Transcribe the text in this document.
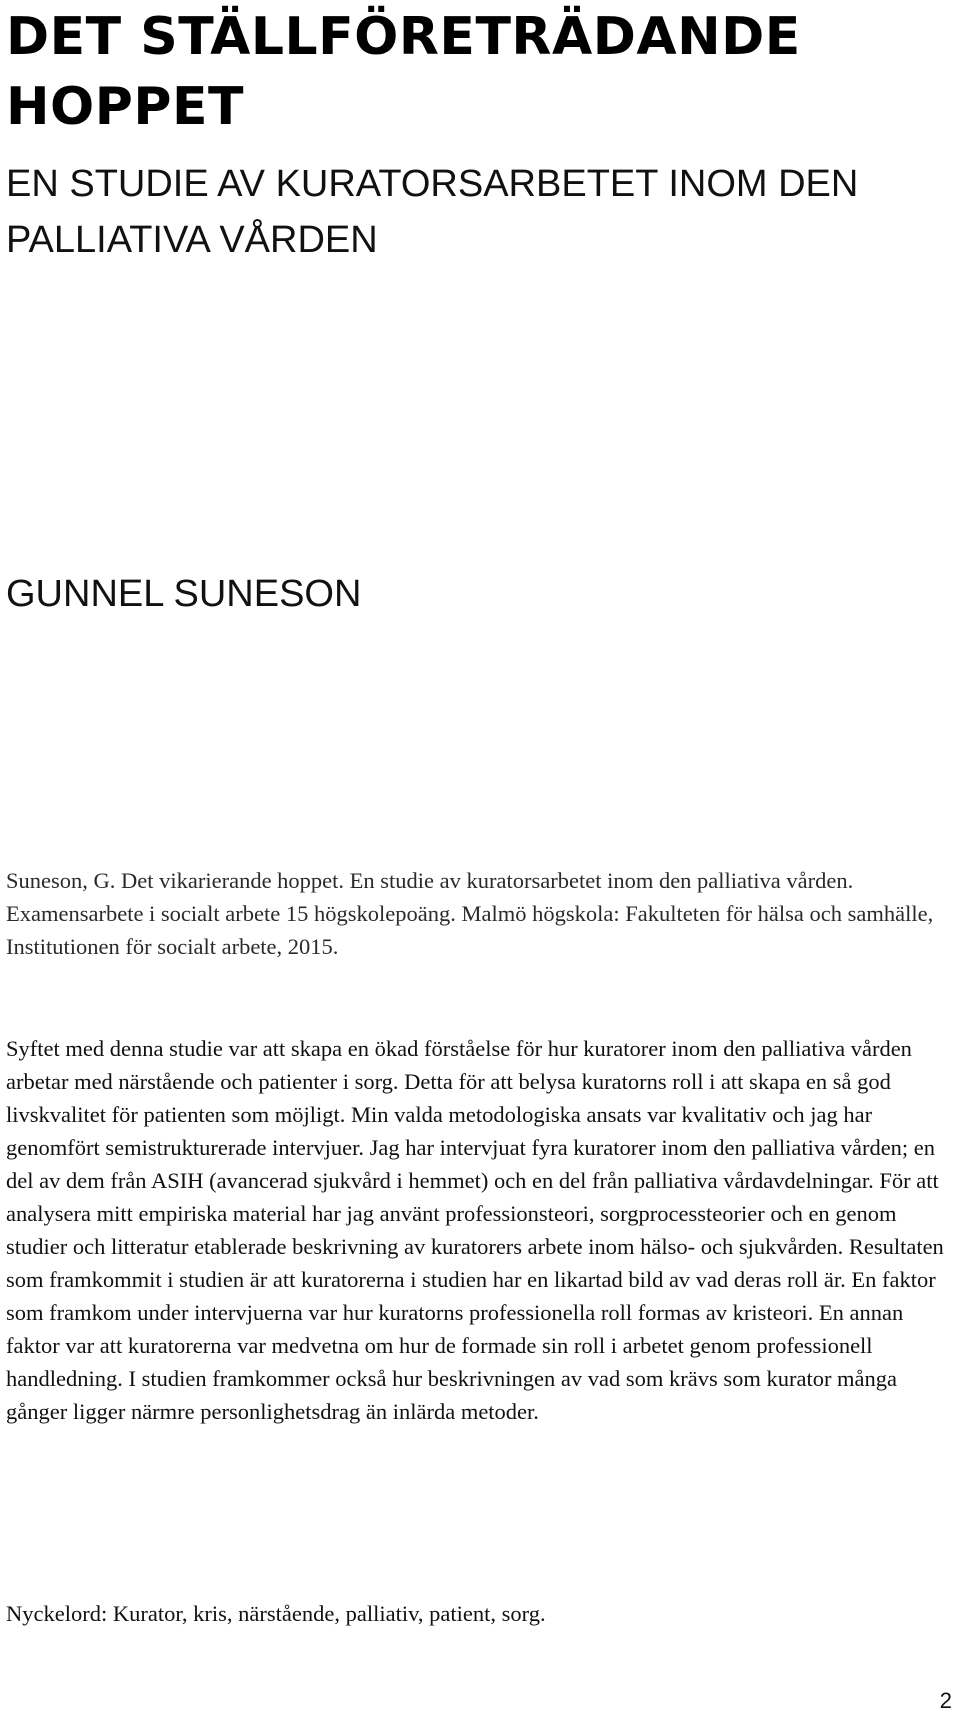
DET STÄLLFÖRETRÄDANDE HOPPET
EN STUDIE AV KURATORSARBETET INOM DEN PALLIATIVA VÅRDEN

GUNNEL SUNESON

Suneson, G. Det vikarierande hoppet. En studie av kuratorsarbetet inom den palliativa vården. Examensarbete i socialt arbete 15 högskolepoäng. Malmö högskola: Fakulteten för hälsa och samhälle, Institutionen för socialt arbete, 2015.

Syftet med denna studie var att skapa en ökad förståelse för hur kuratorer inom den palliativa vården arbetar med närstående och patienter i sorg. Detta för att belysa kuratorns roll i att skapa en så god livskvalitet för patienten som möjligt. Min valda metodologiska ansats var kvalitativ och jag har genomfört semistrukturerade intervjuer. Jag har intervjuat fyra kuratorer inom den palliativa vården; en del av dem från ASIH (avancerad sjukvård i hemmet) och en del från palliativa vårdavdelningar. För att analysera mitt empiriska material har jag använt professionsteori, sorgprocessteorier och en genom studier och litteratur etablerade beskrivning av kuratorers arbete inom hälso- och sjukvården. Resultaten som framkommit i studien är att kuratorerna i studien har en likartad bild av vad deras roll är. En faktor som framkom under intervjuerna var hur kuratorns professionella roll formas av kristeori. En annan faktor var att kuratorerna var medvetna om hur de formade sin roll i arbetet genom professionell handledning. I studien framkommer också hur beskrivningen av vad som krävs som kurator många gånger ligger närmre personlighetsdrag än inlärda metoder.

Nyckelord: Kurator, kris, närstående, palliativ, patient, sorg.

2
